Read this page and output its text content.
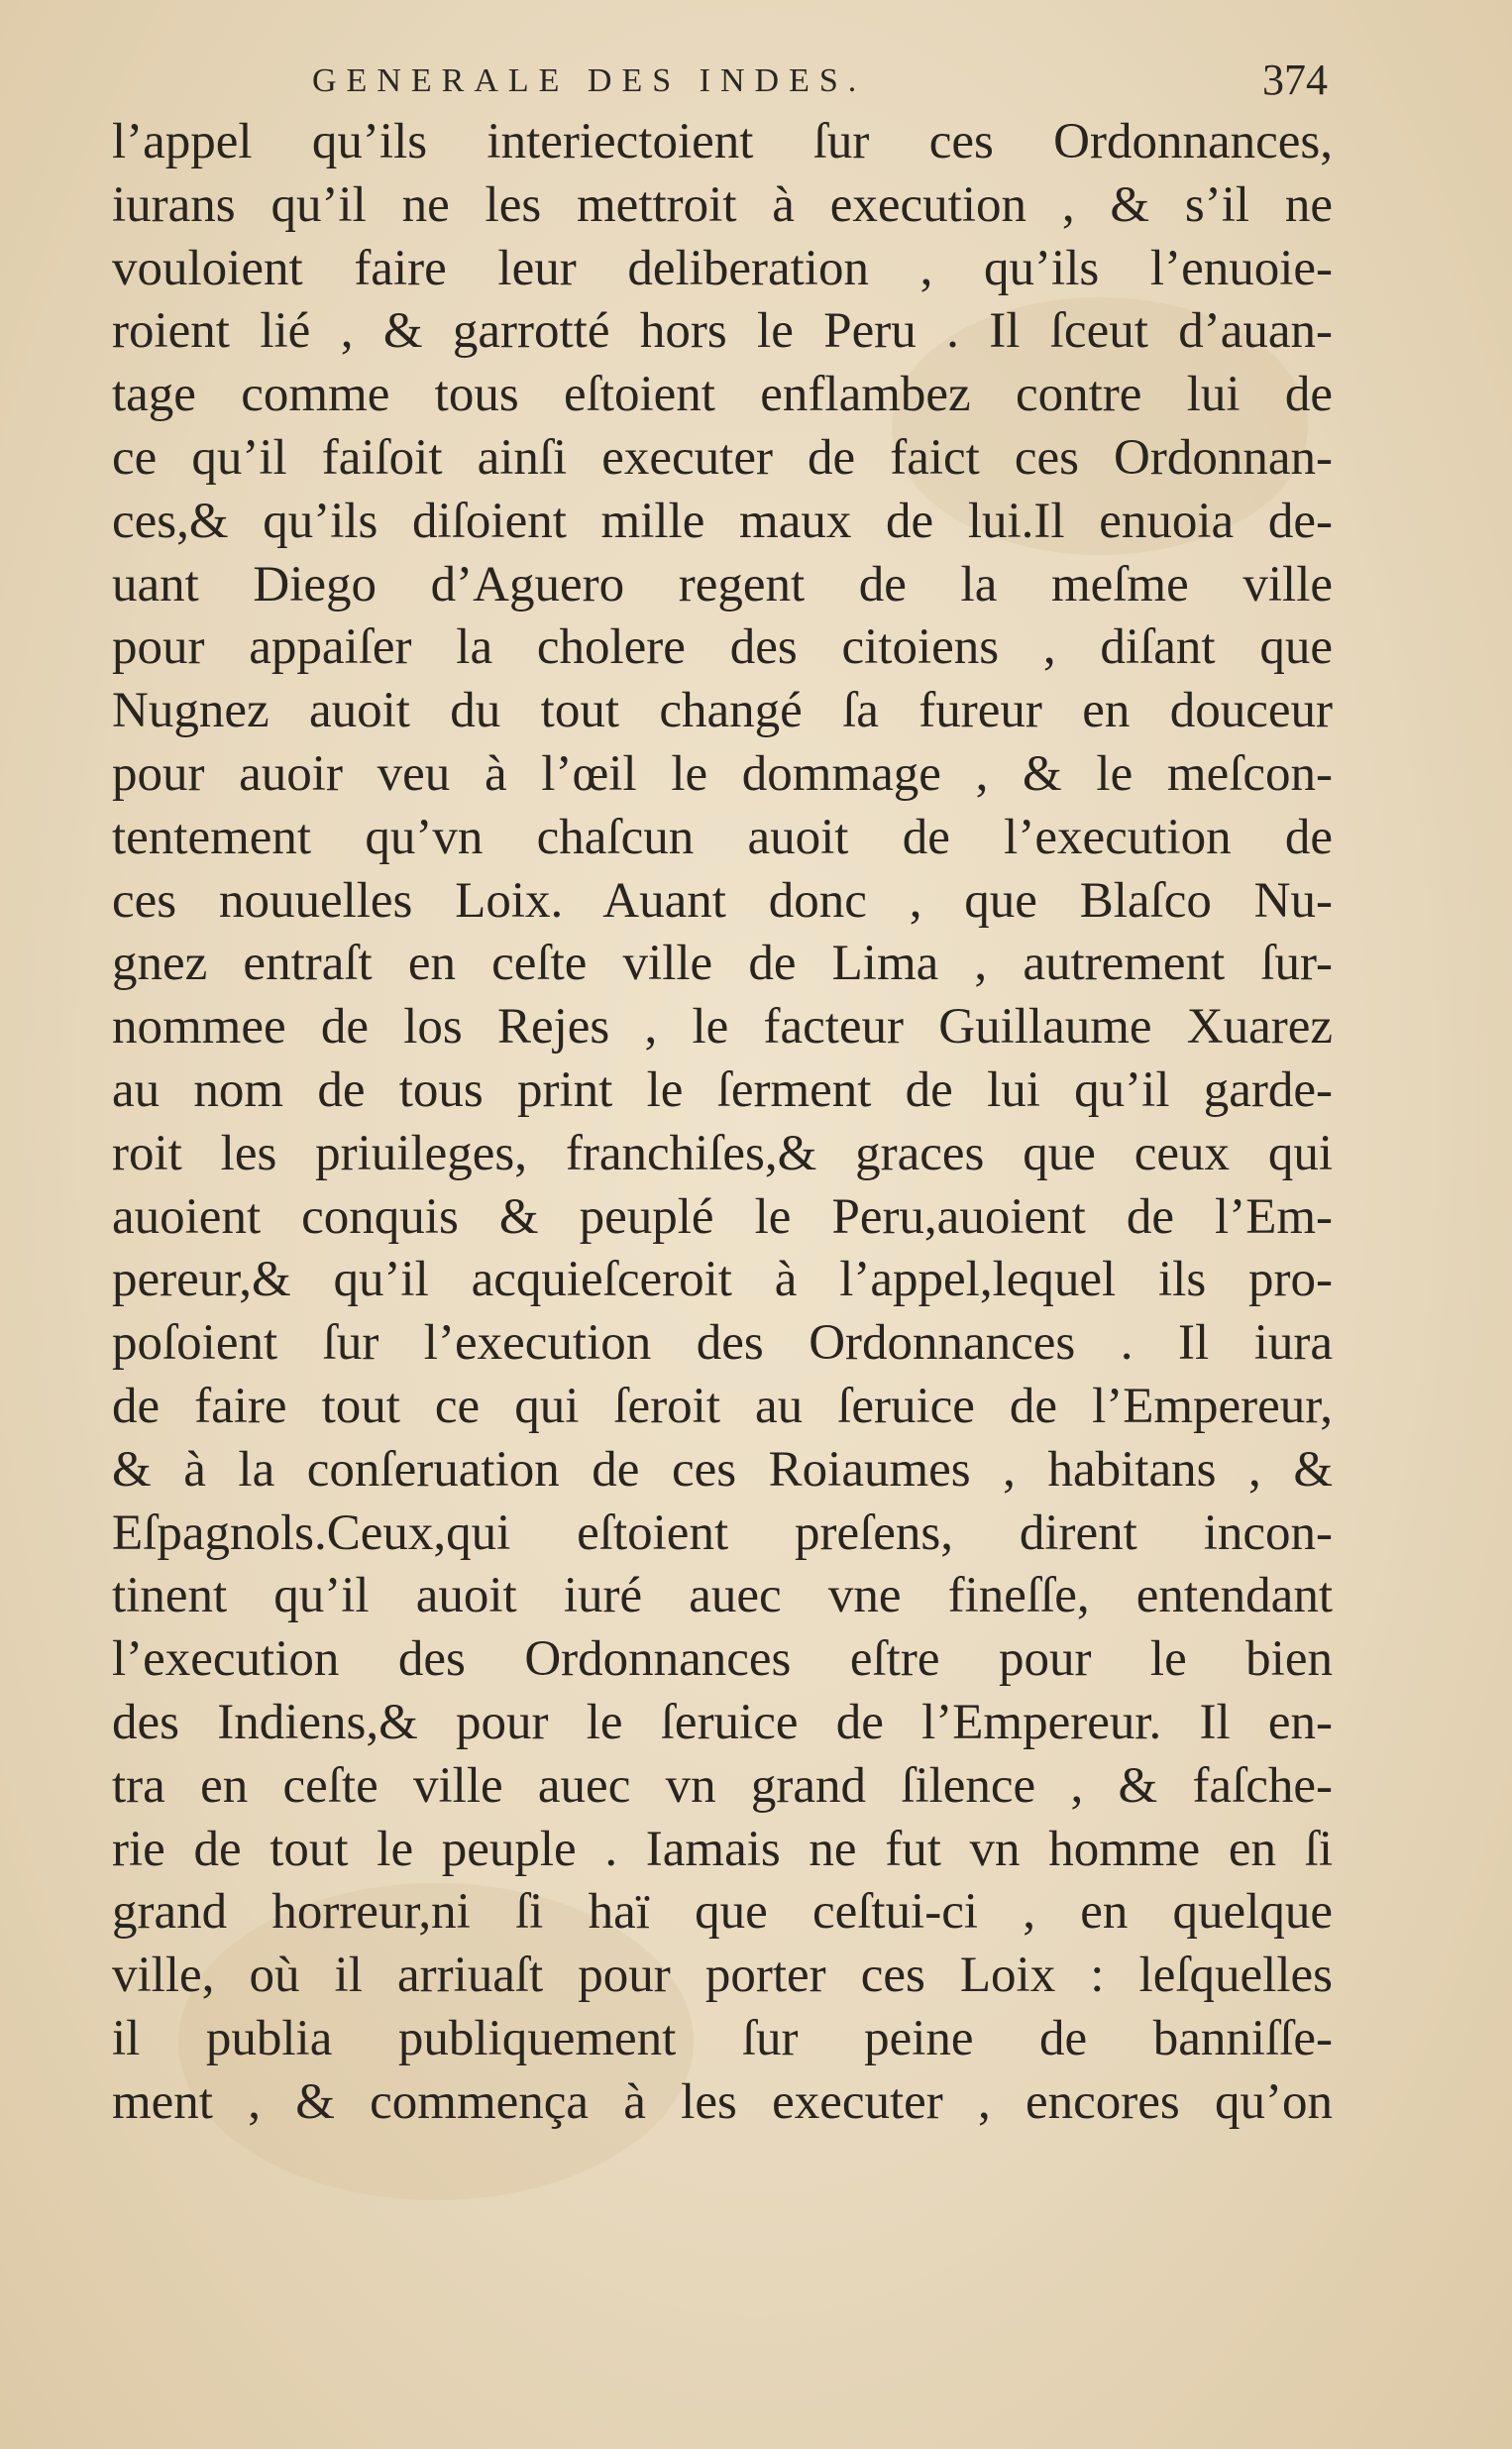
GENERALE DES INDES.	374
l’appel qu’ils interiectoient ſur ces Ordonnances,
iurans qu’il ne les mettroit à execution , & s’il ne
vouloient faire leur deliberation , qu’ils l’enuoie-
roient lié , & garrotté hors le Peru . Il ſceut d’auan-
tage comme tous eſtoient enflambez contre lui de
ce qu’il faiſoit ainſi executer de faict ces Ordonnan-
ces,& qu’ils diſoient mille maux de lui.Il enuoia de-
uant Diego d’Aguero regent de la meſme ville
pour appaiſer la cholere des citoiens , diſant que
Nugnez auoit du tout changé ſa fureur en douceur
pour auoir veu à l’œil le dommage , & le meſcon-
tentement qu’vn chaſcun auoit de l’execution de
ces nouuelles Loix. Auant donc , que Blaſco Nu-
gnez entraſt en ceſte ville de Lima , autrement ſur-
nommee de los Rejes , le facteur Guillaume Xuarez
au nom de tous print le ſerment de lui qu’il garde-
roit les priuileges, franchiſes,& graces que ceux qui
auoient conquis & peuplé le Peru,auoient de l’Em-
pereur,& qu’il acquieſceroit à l’appel,lequel ils pro-
poſoient ſur l’execution des Ordonnances . Il iura
de faire tout ce qui ſeroit au ſeruice de l’Empereur,
& à la conſeruation de ces Roiaumes , habitans , &
Eſpagnols.Ceux,qui eſtoient preſens, dirent incon-
tinent qu’il auoit iuré auec vne fineſſe, entendant
l’execution des Ordonnances eſtre pour le bien
des Indiens,& pour le ſeruice de l’Empereur. Il en-
tra en ceſte ville auec vn grand ſilence , & faſche-
rie de tout le peuple . Iamais ne fut vn homme en ſi
grand horreur,ni ſi haï que ceſtui-ci , en quelque
ville, où il arriuaſt pour porter ces Loix : leſquelles
il publia publiquement ſur peine de banniſſe-
ment , & commença à les executer , encores qu’on
